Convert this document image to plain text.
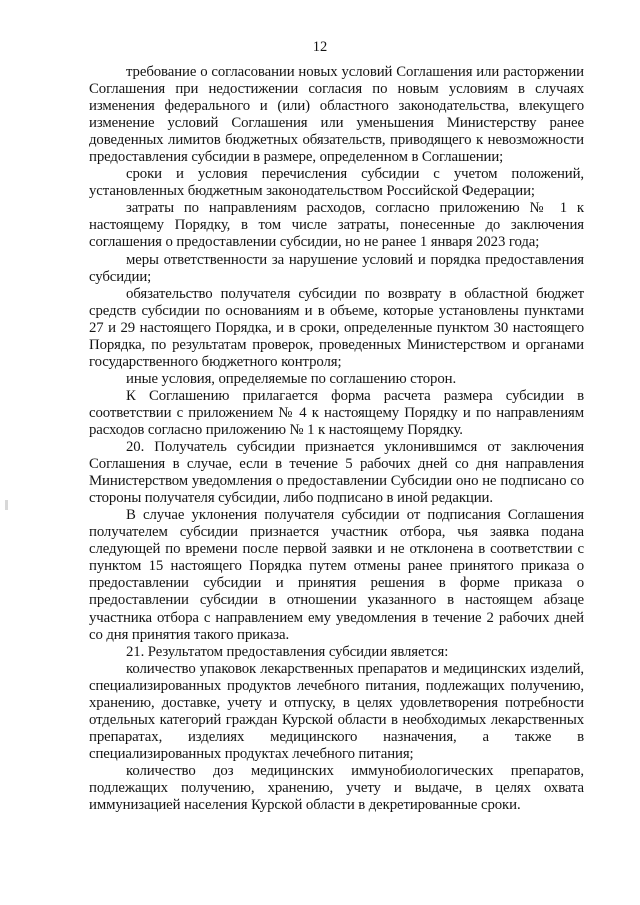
12

требование о согласовании новых условий Соглашения или расторжении Соглашения при недостижении согласия по новым условиям в случаях изменения федерального и (или) областного законодательства, влекущего изменение условий Соглашения или уменьшения Министерству ранее доведенных лимитов бюджетных обязательств, приводящего к невозможности предоставления субсидии в размере, определенном в Соглашении;

сроки и условия перечисления субсидии с учетом положений, установленных бюджетным законодательством Российской Федерации;

затраты по направлениям расходов, согласно приложению № 1 к настоящему Порядку, в том числе затраты, понесенные до заключения соглашения о предоставлении субсидии, но не ранее 1 января 2023 года;

меры ответственности за нарушение условий и порядка предоставления субсидии;

обязательство получателя субсидии по возврату в областной бюджет средств субсидии по основаниям и в объеме, которые установлены пунктами 27 и 29 настоящего Порядка, и в сроки, определенные пунктом 30 настоящего Порядка, по результатам проверок, проведенных Министерством и органами государственного бюджетного контроля;

иные условия, определяемые по соглашению сторон.

К Соглашению прилагается форма расчета размера субсидии в соответствии с приложением № 4 к настоящему Порядку и по направлениям расходов согласно приложению № 1 к настоящему Порядку.

20. Получатель субсидии признается уклонившимся от заключения Соглашения в случае, если в течение 5 рабочих дней со дня направления Министерством уведомления о предоставлении Субсидии оно не подписано со стороны получателя субсидии, либо подписано в иной редакции.

В случае уклонения получателя субсидии от подписания Соглашения получателем субсидии признается участник отбора, чья заявка подана следующей по времени после первой заявки и не отклонена в соответствии с пунктом 15 настоящего Порядка путем отмены ранее принятого приказа о предоставлении субсидии и принятия решения в форме приказа о предоставлении субсидии в отношении указанного в настоящем абзаце участника отбора с направлением ему уведомления в течение 2 рабочих дней со дня принятия такого приказа.

21. Результатом предоставления субсидии является:

количество упаковок лекарственных препаратов и медицинских изделий, специализированных продуктов лечебного питания, подлежащих получению, хранению, доставке, учету и отпуску, в целях удовлетворения потребности отдельных категорий граждан Курской области в необходимых лекарственных препаратах, изделиях медицинского назначения, а также в специализированных продуктах лечебного питания;

количество доз медицинских иммунобиологических препаратов, подлежащих получению, хранению, учету и выдаче, в целях охвата иммунизацией населения Курской области в декретированные сроки.
